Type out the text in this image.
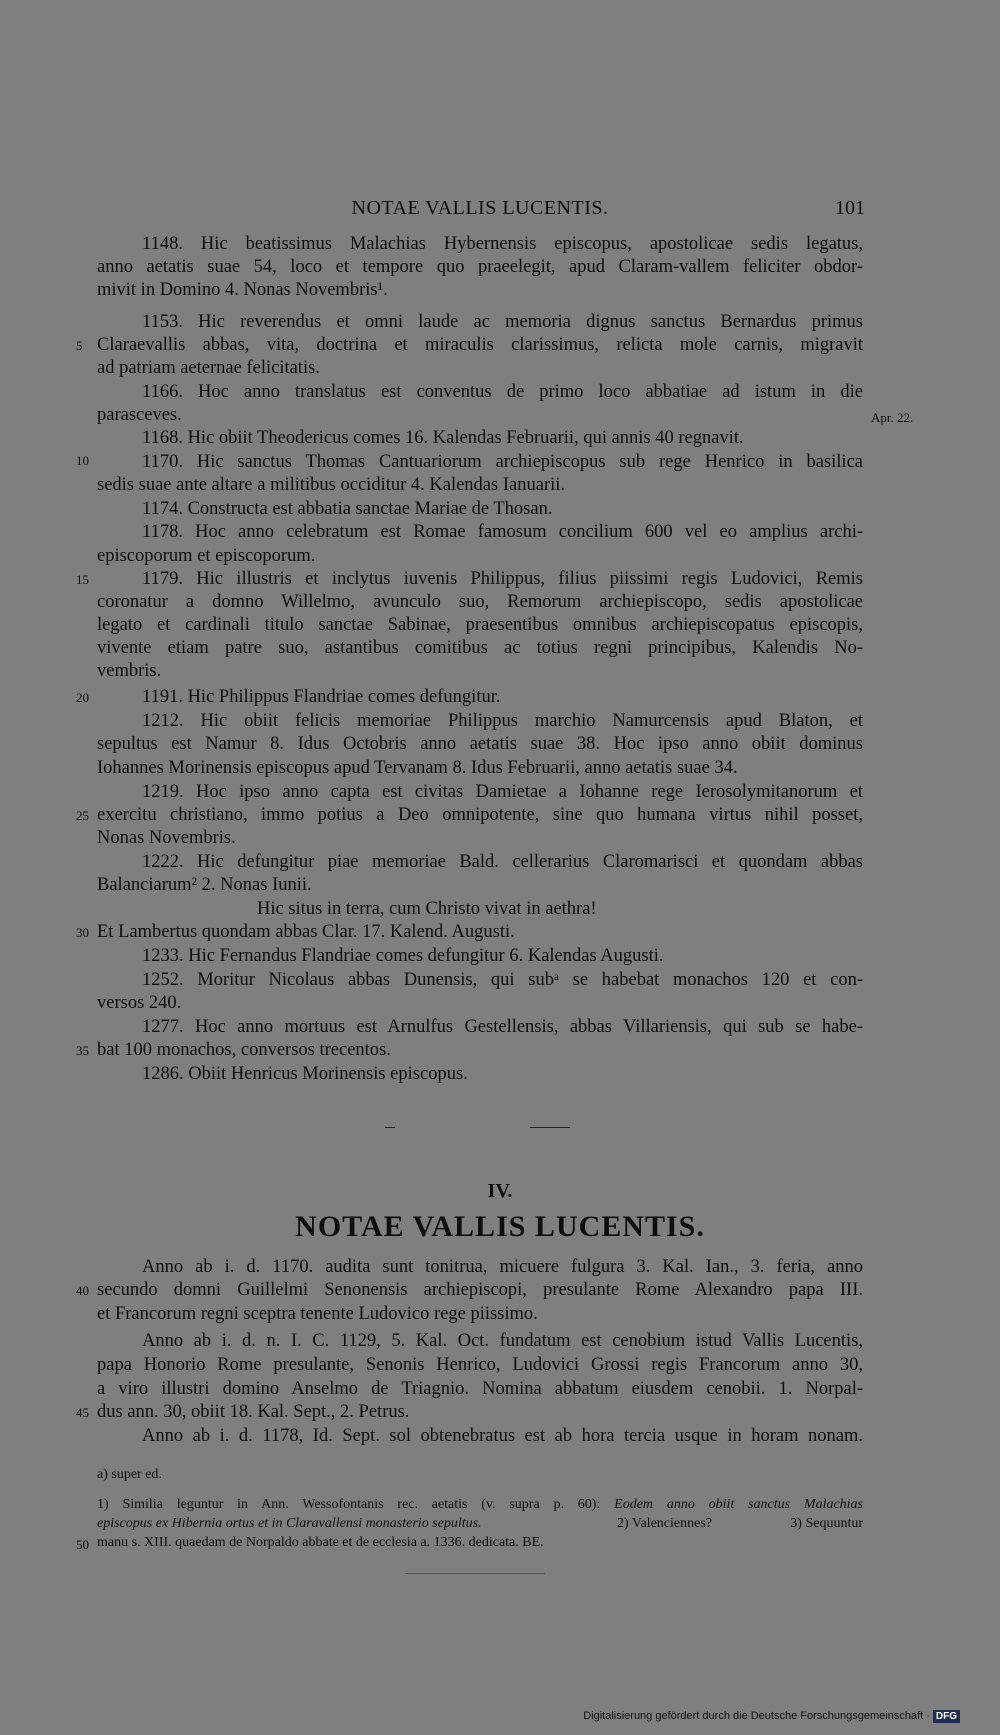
NOTAE VALLIS LUCENTIS.	101
1148. Hic beatissimus Malachias Hybernensis episcopus, apostolicae sedis legatus,
anno aetatis suae 54, loco et tempore quo praeelegit, apud Claram-vallem feliciter obdor-
mivit in Domino 4. Nonas Novembris¹.
1153. Hic reverendus et omni laude ac memoria dignus sanctus Bernardus primus
Claraevallis abbas, vita, doctrina et miraculis clarissimus, relicta mole carnis, migravit
ad patriam aeternae felicitatis.
1166. Hoc anno translatus est conventus de primo loco abbatiae ad istum in die
parasceves.
1168. Hic obiit Theodericus comes 16. Kalendas Februarii, qui annis 40 regnavit.
1170. Hic sanctus Thomas Cantuariorum archiepiscopus sub rege Henrico in basilica
sedis suae ante altare a militibus occiditur 4. Kalendas Ianuarii.
1174. Constructa est abbatia sanctae Mariae de Thosan.
1178. Hoc anno celebratum est Romae famosum concilium 600 vel eo amplius archi-
episcoporum et episcoporum.
1179. Hic illustris et inclytus iuvenis Philippus, filius piissimi regis Ludovici, Remis
coronatur a domno Willelmo, avunculo suo, Remorum archiepiscopo, sedis apostolicae
legato et cardinali titulo sanctae Sabinae, praesentibus omnibus archiepiscopatus episcopis,
vivente etiam patre suo, astantibus comitibus ac totius regni principibus, Kalendis No-
vembris.
1191. Hic Philippus Flandriae comes defungitur.
1212. Hic obiit felicis memoriae Philippus marchio Namurcensis apud Blaton, et
sepultus est Namur 8. Idus Octobris anno aetatis suae 38. Hoc ipso anno obiit dominus
Iohannes Morinensis episcopus apud Tervanam 8. Idus Februarii, anno aetatis suae 34.
1219. Hoc ipso anno capta est civitas Damietae a Iohanne rege Ierosolymitanorum et
exercitu christiano, immo potius a Deo omnipotente, sine quo humana virtus nihil posset,
Nonas Novembris.
1222. Hic defungitur piae memoriae Bald. cellerarius Claromarisci et quondam abbas
Balanciarum² 2. Nonas Iunii.
Hic situs in terra, cum Christo vivat in aethra!
Et Lambertus quondam abbas Clar. 17. Kalend. Augusti.
1233. Hic Fernandus Flandriae comes defungitur 6. Kalendas Augusti.
1252. Moritur Nicolaus abbas Dunensis, qui subᵃ se habebat monachos 120 et con-
versos 240.
1277. Hoc anno mortuus est Arnulfus Gestellensis, abbas Villariensis, qui sub se habe-
bat 100 monachos, conversos trecentos.
1286. Obiit Henricus Morinensis episcopus.
Apr. 22.
5
10
15
20
25
30
35
40
45
50
IV.
NOTAE VALLIS LUCENTIS.
Anno ab i. d. 1170. audita sunt tonitrua, micuere fulgura 3. Kal. Ian., 3. feria, anno
secundo domni Guillelmi Senonensis archiepiscopi, presulante Rome Alexandro papa III.
et Francorum regni sceptra tenente Ludovico rege piissimo.
Anno ab i. d. n. I. C. 1129, 5. Kal. Oct. fundatum est cenobium istud Vallis Lucentis,
papa Honorio Rome presulante, Senonis Henrico, Ludovici Grossi regis Francorum anno 30,
a viro illustri domino Anselmo de Triagnio. Nomina abbatum eiusdem cenobii. 1. Norpal-
dus ann. 30, obiit 18. Kal. Sept., 2. Petrus.
Anno ab i. d. 1178, Id. Sept. sol obtenebratus est ab hora tercia usque in horam nonam.
a) super ed.
1) Similia leguntur in Ann. Wessofontanis rec. aetatis (v. supra p. 60): Eodem anno obiit sanctus Malachias
episcopus ex Hibernia ortus et in Claravallensi monasterio sepultus.	2) Valenciennes?	3) Sequuntur
manu s. XIII. quaedam de Norpaldo abbate et de ecclesia a. 1336. dedicata. BE.
Digitalisierung gefördert durch die Deutsche Forschungsgemeinschaft · DFG
